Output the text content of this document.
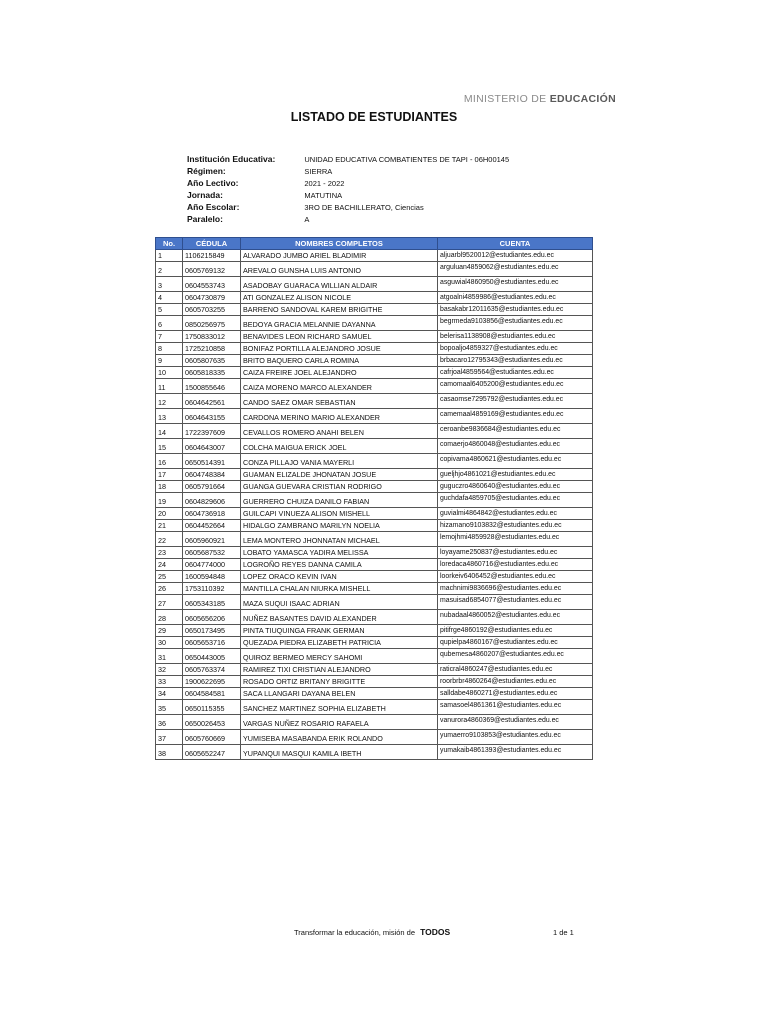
MINISTERIO DE EDUCACIÓN
LISTADO DE ESTUDIANTES
Institución Educativa:	UNIDAD EDUCATIVA COMBATIENTES DE TAPI - 06H00145
Régimen:	SIERRA
Año Lectivo:	2021 - 2022
Jornada:	MATUTINA
Año Escolar:	3RO DE BACHILLERATO, Ciencias
Paralelo:	A
No.	CÉDULA	NOMBRES COMPLETOS	CUENTA
1	1106215849	ALVARADO JUMBO ARIEL BLADIMIR	aljuarbl9520012@estudiantes.edu.ec
2	0605769132	AREVALO GUNSHA LUIS ANTONIO	arguluan4859062@estudiantes.edu.ec
3	0604553743	ASADOBAY GUARACA WILLIAN ALDAIR	asguwial4860950@estudiantes.edu.ec
4	0604730879	ATI GONZALEZ ALISON NICOLE	atgoalni4859986@estudiantes.edu.ec
5	0605703255	BARRENO SANDOVAL KAREM BRIGITHE	basakabr12011635@estudiantes.edu.ec
6	0850256975	BEDOYA GRACIA MELANNIE DAYANNA	begrmeda9103856@estudiantes.edu.ec
7	1750833012	BENAVIDES LEON RICHARD SAMUEL	belerisa1138908@estudiantes.edu.ec
8	1725210858	BONIFAZ PORTILLA ALEJANDRO JOSUE	bopoaljo4859327@estudiantes.edu.ec
9	0605807635	BRITO BAQUERO CARLA ROMINA	brbacaro12795343@estudiantes.edu.ec
10	0605818335	CAIZA FREIRE JOEL ALEJANDRO	cafrjoal4859564@estudiantes.edu.ec
11	1500855646	CAIZA MORENO MARCO ALEXANDER	camomaal6405200@estudiantes.edu.ec
12	0604642561	CANDO SAEZ OMAR SEBASTIAN	casaomse7295792@estudiantes.edu.ec
13	0604643155	CARDONA MERINO MARIO ALEXANDER	camemaal4859169@estudiantes.edu.ec
14	1722397609	CEVALLOS ROMERO ANAHI BELEN	ceroanbe9836684@estudiantes.edu.ec
15	0604643007	COLCHA MAIGUA ERICK JOEL	comaerjo4860048@estudiantes.edu.ec
16	0650514391	CONZA PILLAJO VANIA MAYERLI	copivama4860621@estudiantes.edu.ec
17	0604748384	GUAMAN ELIZALDE JHONATAN JOSUE	gueljhjo4861021@estudiantes.edu.ec
18	0605791664	GUANGA GUEVARA CRISTIAN RODRIGO	guguczro4860640@estudiantes.edu.ec
19	0604829606	GUERRERO CHUIZA DANILO FABIAN	guchdafa4859705@estudiantes.edu.ec
20	0604736918	GUILCAPI VINUEZA ALISON MISHELL	guvialmi4864842@estudiantes.edu.ec
21	0604452664	HIDALGO ZAMBRANO MARILYN NOELIA	hizamano9103832@estudiantes.edu.ec
22	0605960921	LEMA MONTERO JHONNATAN MICHAEL	lemojhmi4859928@estudiantes.edu.ec
23	0605687532	LOBATO YAMASCA YADIRA MELISSA	loyayame250837@estudiantes.edu.ec
24	0604774000	LOGROÑO REYES DANNA CAMILA	loredaca4860716@estudiantes.edu.ec
25	1600594848	LOPEZ ORACO KEVIN IVAN	loorkeiv6406452@estudiantes.edu.ec
26	1753110392	MANTILLA CHALAN NIURKA MISHELL	machnimi9836696@estudiantes.edu.ec
27	0605343185	MAZA SUQUI ISAAC ADRIAN	masuisad6854077@estudiantes.edu.ec
28	0605656206	NUÑEZ BASANTES DAVID ALEXANDER	nubadaal4860052@estudiantes.edu.ec
29	0650173495	PINTA TIUQUINGA FRANK GERMAN	pitifrge4860192@estudiantes.edu.ec
30	0605653716	QUEZADA PIEDRA ELIZABETH PATRICIA	qupielpa4860167@estudiantes.edu.ec
31	0650443005	QUIROZ BERMEO MERCY SAHOMI	qubemesa4860207@estudiantes.edu.ec
32	0605763374	RAMIREZ TIXI CRISTIAN ALEJANDRO	raticral4860247@estudiantes.edu.ec
33	1900622695	ROSADO ORTIZ BRITANY BRIGITTE	roorbrbr4860264@estudiantes.edu.ec
34	0604584581	SACA LLANGARI DAYANA BELEN	salldabe4860271@estudiantes.edu.ec
35	0650115355	SANCHEZ MARTINEZ SOPHIA ELIZABETH	samasoel4861361@estudiantes.edu.ec
36	0650026453	VARGAS NUÑEZ ROSARIO RAFAELA	vanurora4860369@estudiantes.edu.ec
37	0605760669	YUMISEBA MASABANDA ERIK ROLANDO	yumaerro9103853@estudiantes.edu.ec
38	0605652247	YUPANQUI MASQUI KAMILA IBETH	yumakaib4861393@estudiantes.edu.ec
Transformar la educación, misión de TODOS	1 de 1
